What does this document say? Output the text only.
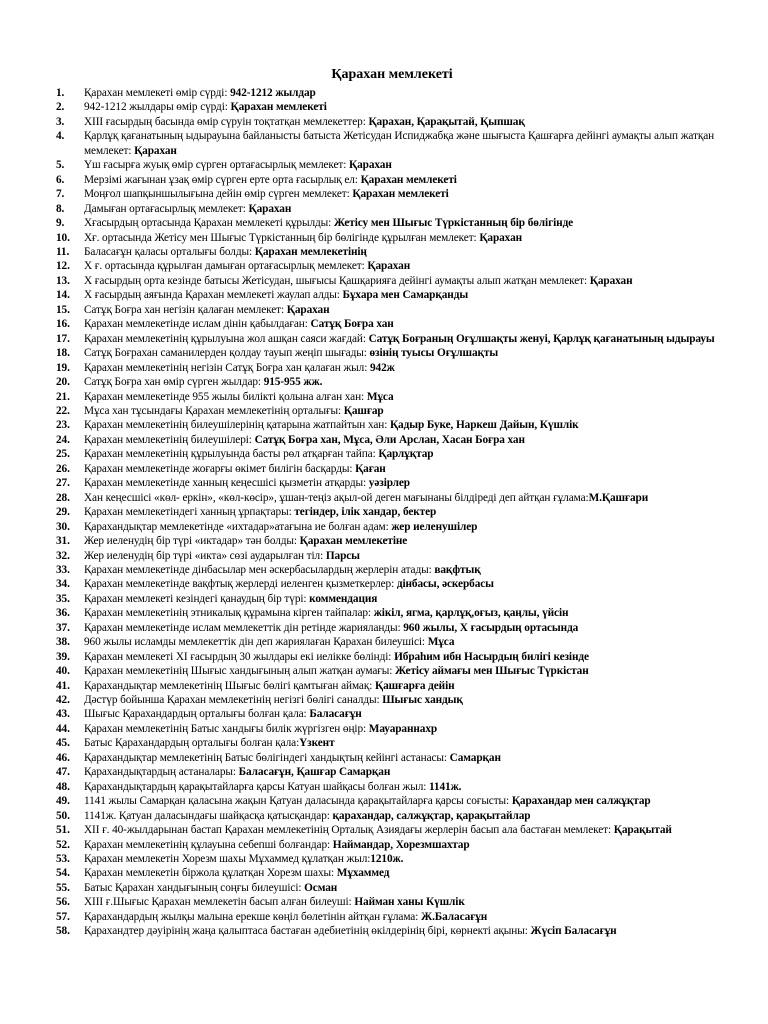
Қарахан мемлекеті
1. Қарахан мемлекеті өмір сүрді: 942-1212 жылдар
2. 942-1212 жылдары өмір сүрді: Қарахан мемлекеті
3. XIII ғасырдың басында өмір сүруін тоқтатқан мемлекеттер: Қарахан, Қарақытай, Қыпшақ
4. Қарлұқ қағанатының ыдырауына байланысты батыста Жетісудан Испиджабқа және шығыста Қашғарға дейінгі аумақты алып жатқан мемлекет: Қарахан
5. Үш ғасырға жуық өмір сүрген ортағасырлық мемлекет: Қарахан
6. Мерзімі жағынан ұзақ өмір сүрген ерте орта ғасырлық ел: Қарахан мемлекеті
7. Моңғол шапқыншылығына дейін өмір сүрген мемлекет: Қарахан мемлекеті
8. Дамыған ортағасырлық мемлекет: Қарахан
9. Xғасырдың ортасында Қарахан мемлекеті құрылды: Жетісу мен Шығыс Түркістанның бір бөлігінде
10. Xғ. ортасында Жетісу мен Шығыс Түркістанның бір бөлігінде құрылған мемлекет: Қарахан
11. Баласағұн қаласы орталығы болды: Қарахан мемлекетінің
12. X ғ. ортасында құрылған дамыған ортағасырлық мемлекет: Қарахан
13. X ғасырдың орта кезінде батысы Жетісудан, шығысы Қашқарияға дейінгі аумақты алып жатқан мемлекет: Қарахан
14. X ғасырдың аяғында Қарахан мемлекеті жаулап алды: Бұхара мен Самарқанды
15. Сатұқ Боғра хан негізін қалаған мемлекет: Қарахан
16. Қарахан мемлекетінде ислам дінін қабылдаған: Сатұқ Боғра хан
17. Қарахан мемлекетінің құрылуына жол ашқан саяси жағдай: Сатұқ Боғраның Оғұлшақты женуі, Қарлұқ қағанатының ыдырауы
18. Сатұқ Боғрахан саманилерден қолдау тауып жеңіп шығады: өзінің туысы Оғұлшақты
19. Қарахан мемлекетінің негізін Сатұқ Боғра хан қалаған жыл: 942ж
20. Сатұқ Боғра хан өмір сүрген жылдар: 915-955 жж.
21. Қарахан мемлекетінде 955 жылы билікті қолына алған хан: Мұса
22. Мұса хан тұсындағы Қарахан мемлекетінің орталығы: Қашғар
23. Қарахан мемлекетінің билеушілерінің қатарына жатпайтын хан: Қадыр Буке, Наркеш Дайын, Күшлік
24. Қарахан мемлекетінің билеушілері: Сатұқ Боғра хан, Мұса, Әли Арслан, Хасан Боғра хан
25. Қарахан мемлекетінің құрылуында басты рөл атқарған тайпа: Қарлұқтар
26. Қарахан мемлекетінде жоғарғы өкімет билігін басқарды: Қаған
27. Қарахан мемлекетінде ханның кеңесшісі қызметін атқарды: уәзірлер
28. Хан кеңесшісі «көл- еркін», «көл-көсір», ұшан-теңіз ақыл-ой деген мағынаны білдіреді деп айтқан ғұлама:М.Қашғари
29. Қарахан мемлекетіндегі ханның ұрпақтары: тегіндер, ілік хандар, бектер
30. Қарахандықтар мемлекетінде «ихтадар»атағына ие болған адам: жер иеленушілер
31. Жер иеленудің бір түрі «иктадар» тән болды: Қарахан мемлекетіне
32. Жер иеленудің бір түрі «икта» сөзі аударылған тіл: Парсы
33. Қарахан мемлекетінде дінбасылар мен әскербасылардың жерлерін атады: вақфтық
34. Қарахан мемлекетінде вақфтық жерлерді иеленген қызметкерлер: дінбасы, әскербасы
35. Қарахан мемлекеті кезіндегі қанаудың бір түрі: коммендация
36. Қарахан мемлекетінің этникалық құрамына кірген тайпалар: жікіл, ягма, қарлұқ,оғыз, қаңлы, үйсін
37. Қарахан мемлекетінде ислам мемлекеттік дін ретінде жарияланды: 960 жылы, X ғасырдың ортасында
38. 960 жылы исламды мемлекеттік дін деп жариялаған Қарахан билеушісі: Мұса
39. Қарахан мемлекеті XI ғасырдың 30 жылдары екі иелікке бөлінді: Ибраһим ибн Насырдың билігі кезінде
40. Қарахан мемлекетінің Шығыс хандығының алып жатқан аумағы: Жетісу аймағы мен Шығыс Түркістан
41. Қарахандықтар мемлекетінің Шығыс бөлігі қамтыған аймақ: Қашғарға дейін
42. Дәстүр бойынша Қарахан мемлекетінің негізгі бөлігі саналды: Шығыс хандық
43. Шығыс Қарахандардың орталығы болған қала: Баласағұн
44. Қарахан мемлекетінің Батыс хандығы билік жүргізген өңір: Мауараннахр
45. Батыс Қарахандардың орталығы болған қала:Үзкент
46. Қарахандықтар мемлекетінің Батыс бөлігіндегі хандықтың кейінгі астанасы: Самарқан
47. Қарахандықтардың астаналары: Баласағұн, Қашғар Самарқан
48. Қарахандықтардың қарақытайларға қарсы Катуан шайқасы болған жыл: 1141ж.
49. 1141 жылы Самарқан қаласына жақын Қатуан даласында қарақытайларға қарсы соғысты: Қарахандар мен салжұқтар
50. 1141ж. Қатуан даласындағы шайқасқа қатысқандар: қарахандар, салжұқтар, қарақытайлар
51. XII ғ. 40-жылдарынан бастап Қарахан мемлекетінің Орталық Азиядағы жерлерін басып ала бастаған мемлекет: Қарақытай
52. Қарахан мемлекетінің құлауына себепші болғандар: Наймандар, Хорезмшахтар
53. Қарахан мемлекетін Хорезм шахы Мұхаммед құлатқан жыл:1210ж.
54. Қарахан мемлекетін біржола құлатқан Хорезм шахы: Мұхаммед
55. Батыс Қарахан хандығының соңғы билеушісі: Осман
56. XIII ғ.Шығыс Қарахан мемлекетін басып алған билеуші: Найман ханы Күшлік
57. Қарахандардың жылқы малына ерекше көңіл бөлетінін айтқан ғұлама: Ж.Баласағұн
58. Қарахандтер дәуірінің жаңа қалыптаса бастаған әдебиетінің өкілдерінің бірі, көрнекті ақыны: Жүсіп Баласағұн
